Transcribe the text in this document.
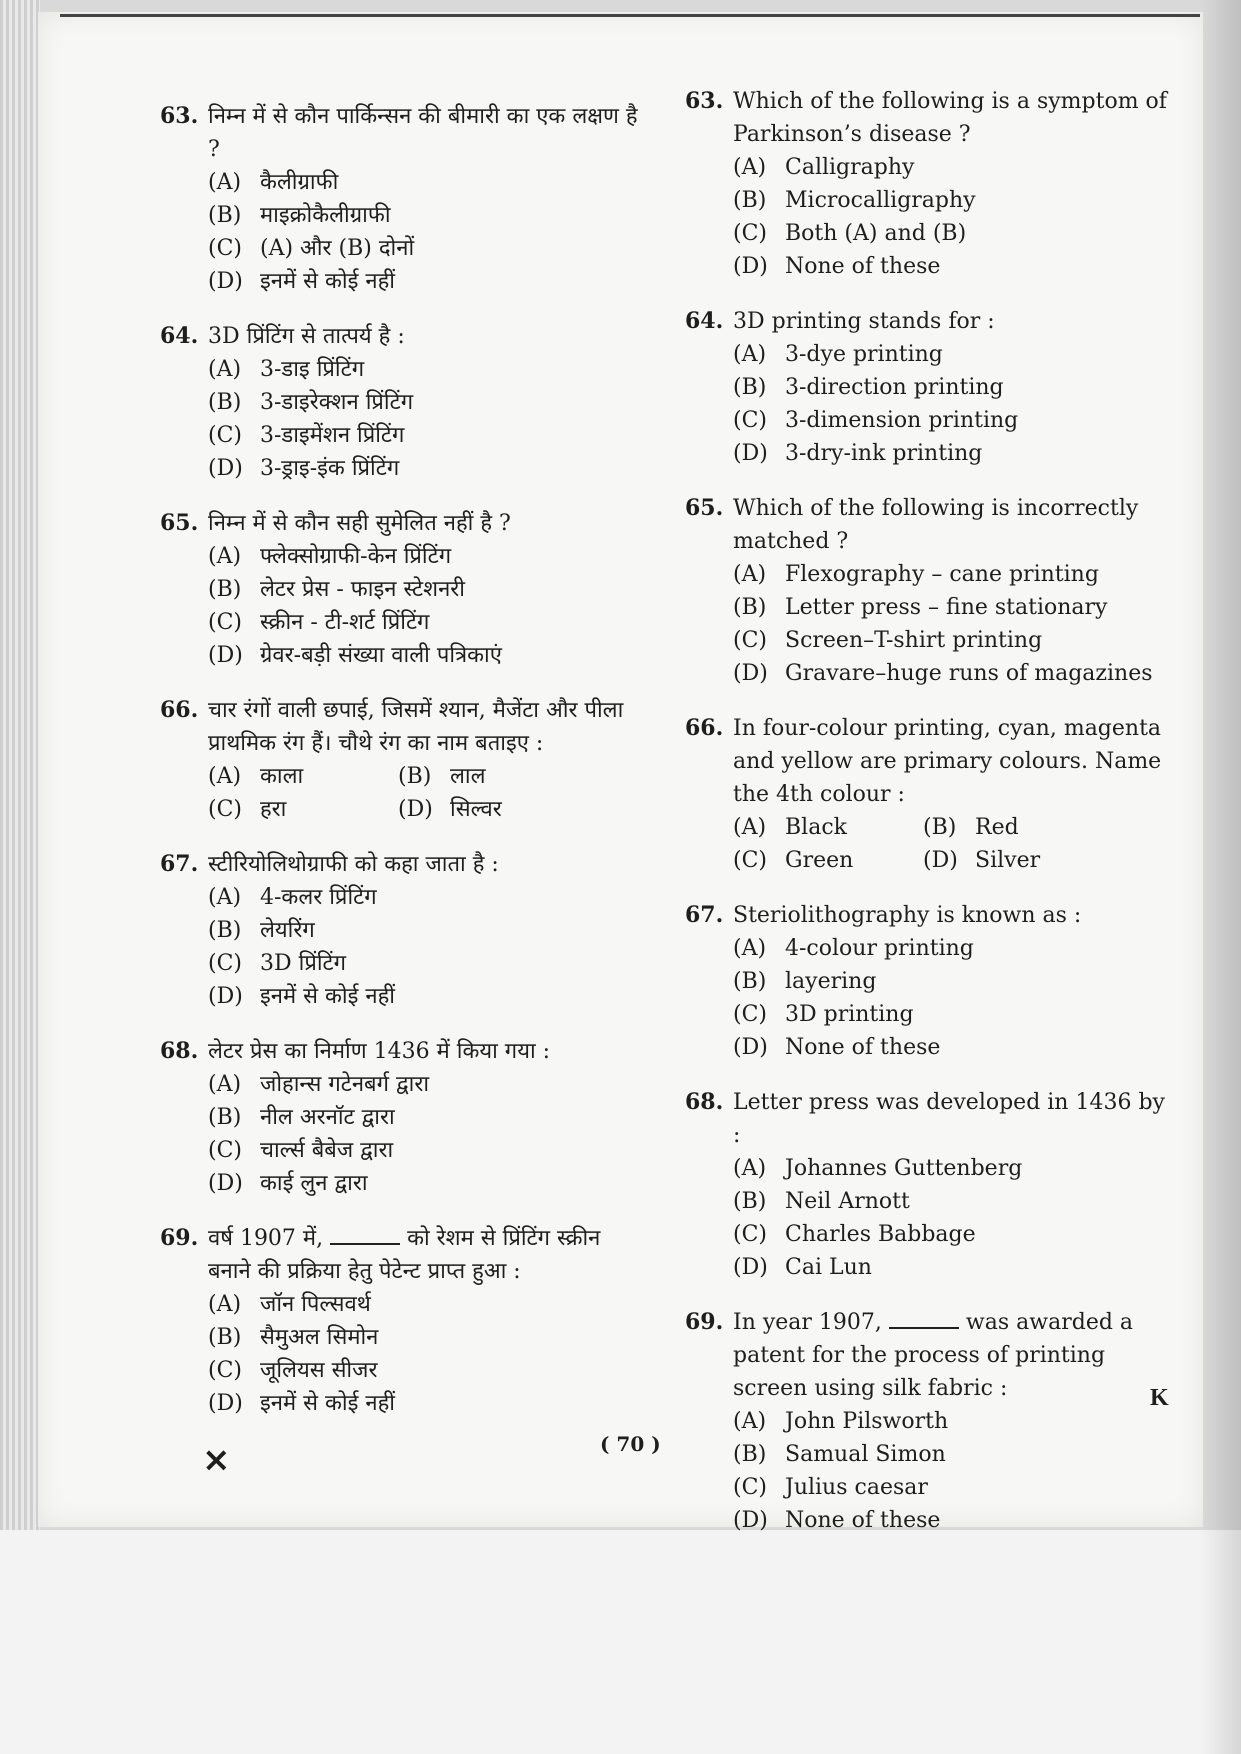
63. निम्न में से कौन पार्किन्सन की बीमारी का एक लक्षण है ?
(A) कैलीग्राफी
(B) माइक्रोकैलीग्राफी
(C) (A) और (B) दोनों
(D) इनमें से कोई नहीं
64. 3D प्रिंटिंग से तात्पर्य है :
(A) 3-डाइ प्रिंटिंग
(B) 3-डाइरेक्शन प्रिंटिंग
(C) 3-डाइमेंशन प्रिंटिंग
(D) 3-ड्राइ-इंक प्रिंटिंग
65. निम्न में से कौन सही सुमेलित नहीं है ?
(A) फ्लेक्सोग्राफी-केन प्रिंटिंग
(B) लेटर प्रेस - फाइन स्टेशनरी
(C) स्क्रीन - टी-शर्ट प्रिंटिंग
(D) ग्रेवर-बड़ी संख्या वाली पत्रिकाएं
66. चार रंगों वाली छपाई, जिसमें श्यान, मैजेंटा और पीला प्राथमिक रंग हैं। चौथे रंग का नाम बताइए :
(A) काला	(B) लाल
(C) हरा	(D) सिल्वर
67. स्टीरियोलिथोग्राफी को कहा जाता है :
(A) 4-कलर प्रिंटिंग
(B) लेयरिंग
(C) 3D प्रिंटिंग
(D) इनमें से कोई नहीं
68. लेटर प्रेस का निर्माण 1436 में किया गया :
(A) जोहान्स गटेनबर्ग द्वारा
(B) नील अरनॉट द्वारा
(C) चार्ल्स बैबेज द्वारा
(D) काई लुन द्वारा
69. वर्ष 1907 में,	को रेशम से प्रिंटिंग स्क्रीन बनाने की प्रक्रिया हेतु पेटेन्ट प्राप्त हुआ :
(A) जॉन पिल्सवर्थ
(B) सैमुअल सिमोन
(C) जूलियस सीजर
(D) इनमें से कोई नहीं
63. Which of the following is a symptom of Parkinson’s disease ?
(A) Calligraphy
(B) Microcalligraphy
(C) Both (A) and (B)
(D) None of these
64. 3D printing stands for :
(A) 3-dye printing
(B) 3-direction printing
(C) 3-dimension printing
(D) 3-dry-ink printing
65. Which of the following is incorrectly matched ?
(A) Flexography – cane printing
(B) Letter press – fine stationary
(C) Screen–T-shirt printing
(D) Gravare–huge runs of magazines
66. In four-colour printing, cyan, magenta and yellow are primary colours. Name the 4th colour :
(A) Black	(B) Red
(C) Green	(D) Silver
67. Steriolithography is known as :
(A) 4-colour printing
(B) layering
(C) 3D printing
(D) None of these
68. Letter press was developed in 1436 by :
(A) Johannes Guttenberg
(B) Neil Arnott
(C) Charles Babbage
(D) Cai Lun
69. In year 1907,	was awarded a patent for the process of printing screen using silk fabric :
(A) John Pilsworth
(B) Samual Simon
(C) Julius caesar
(D) None of these
K
( 70 )
×
